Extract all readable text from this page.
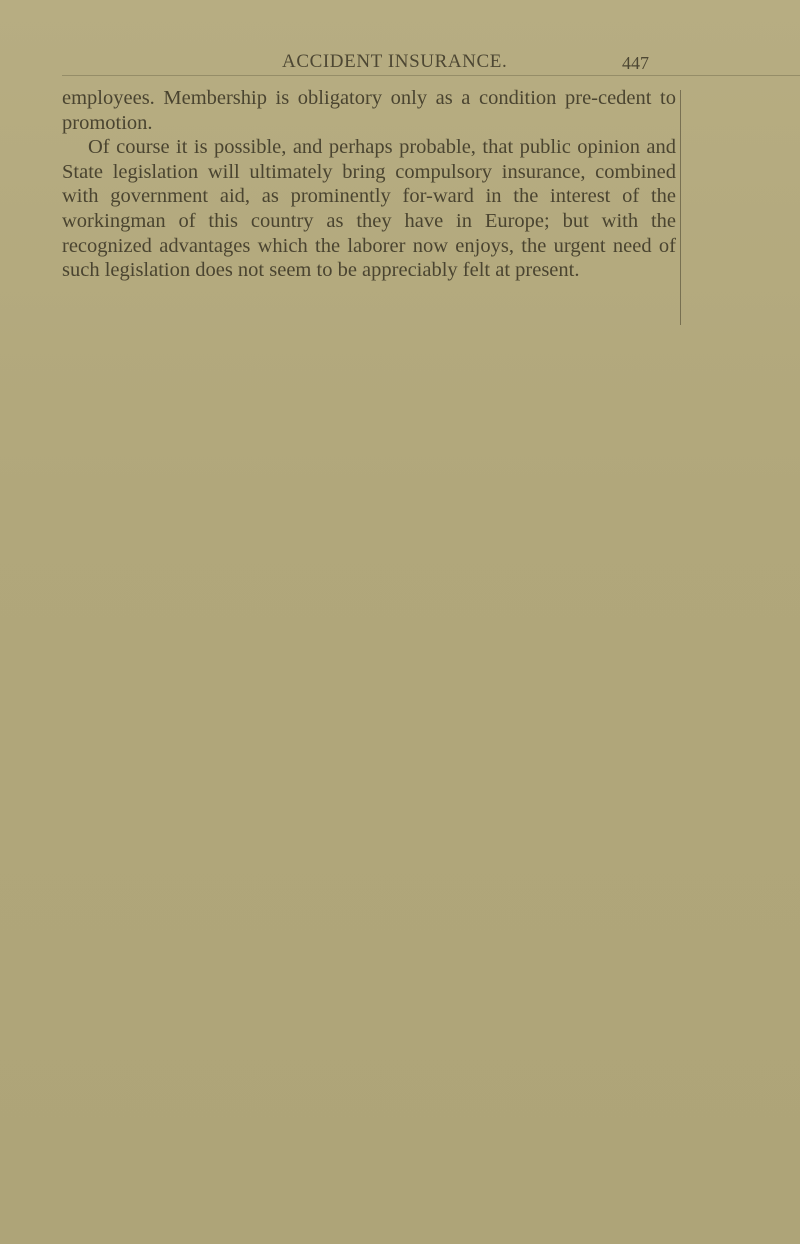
ACCIDENT INSURANCE.	447

employees. Membership is obligatory only as a condition pre-cedent to promotion.

Of course it is possible, and perhaps probable, that public opinion and State legislation will ultimately bring compulsory insurance, combined with government aid, as prominently for-ward in the interest of the workingman of this country as they have in Europe; but with the recognized advantages which the laborer now enjoys, the urgent need of such legislation does not seem to be appreciably felt at present.
